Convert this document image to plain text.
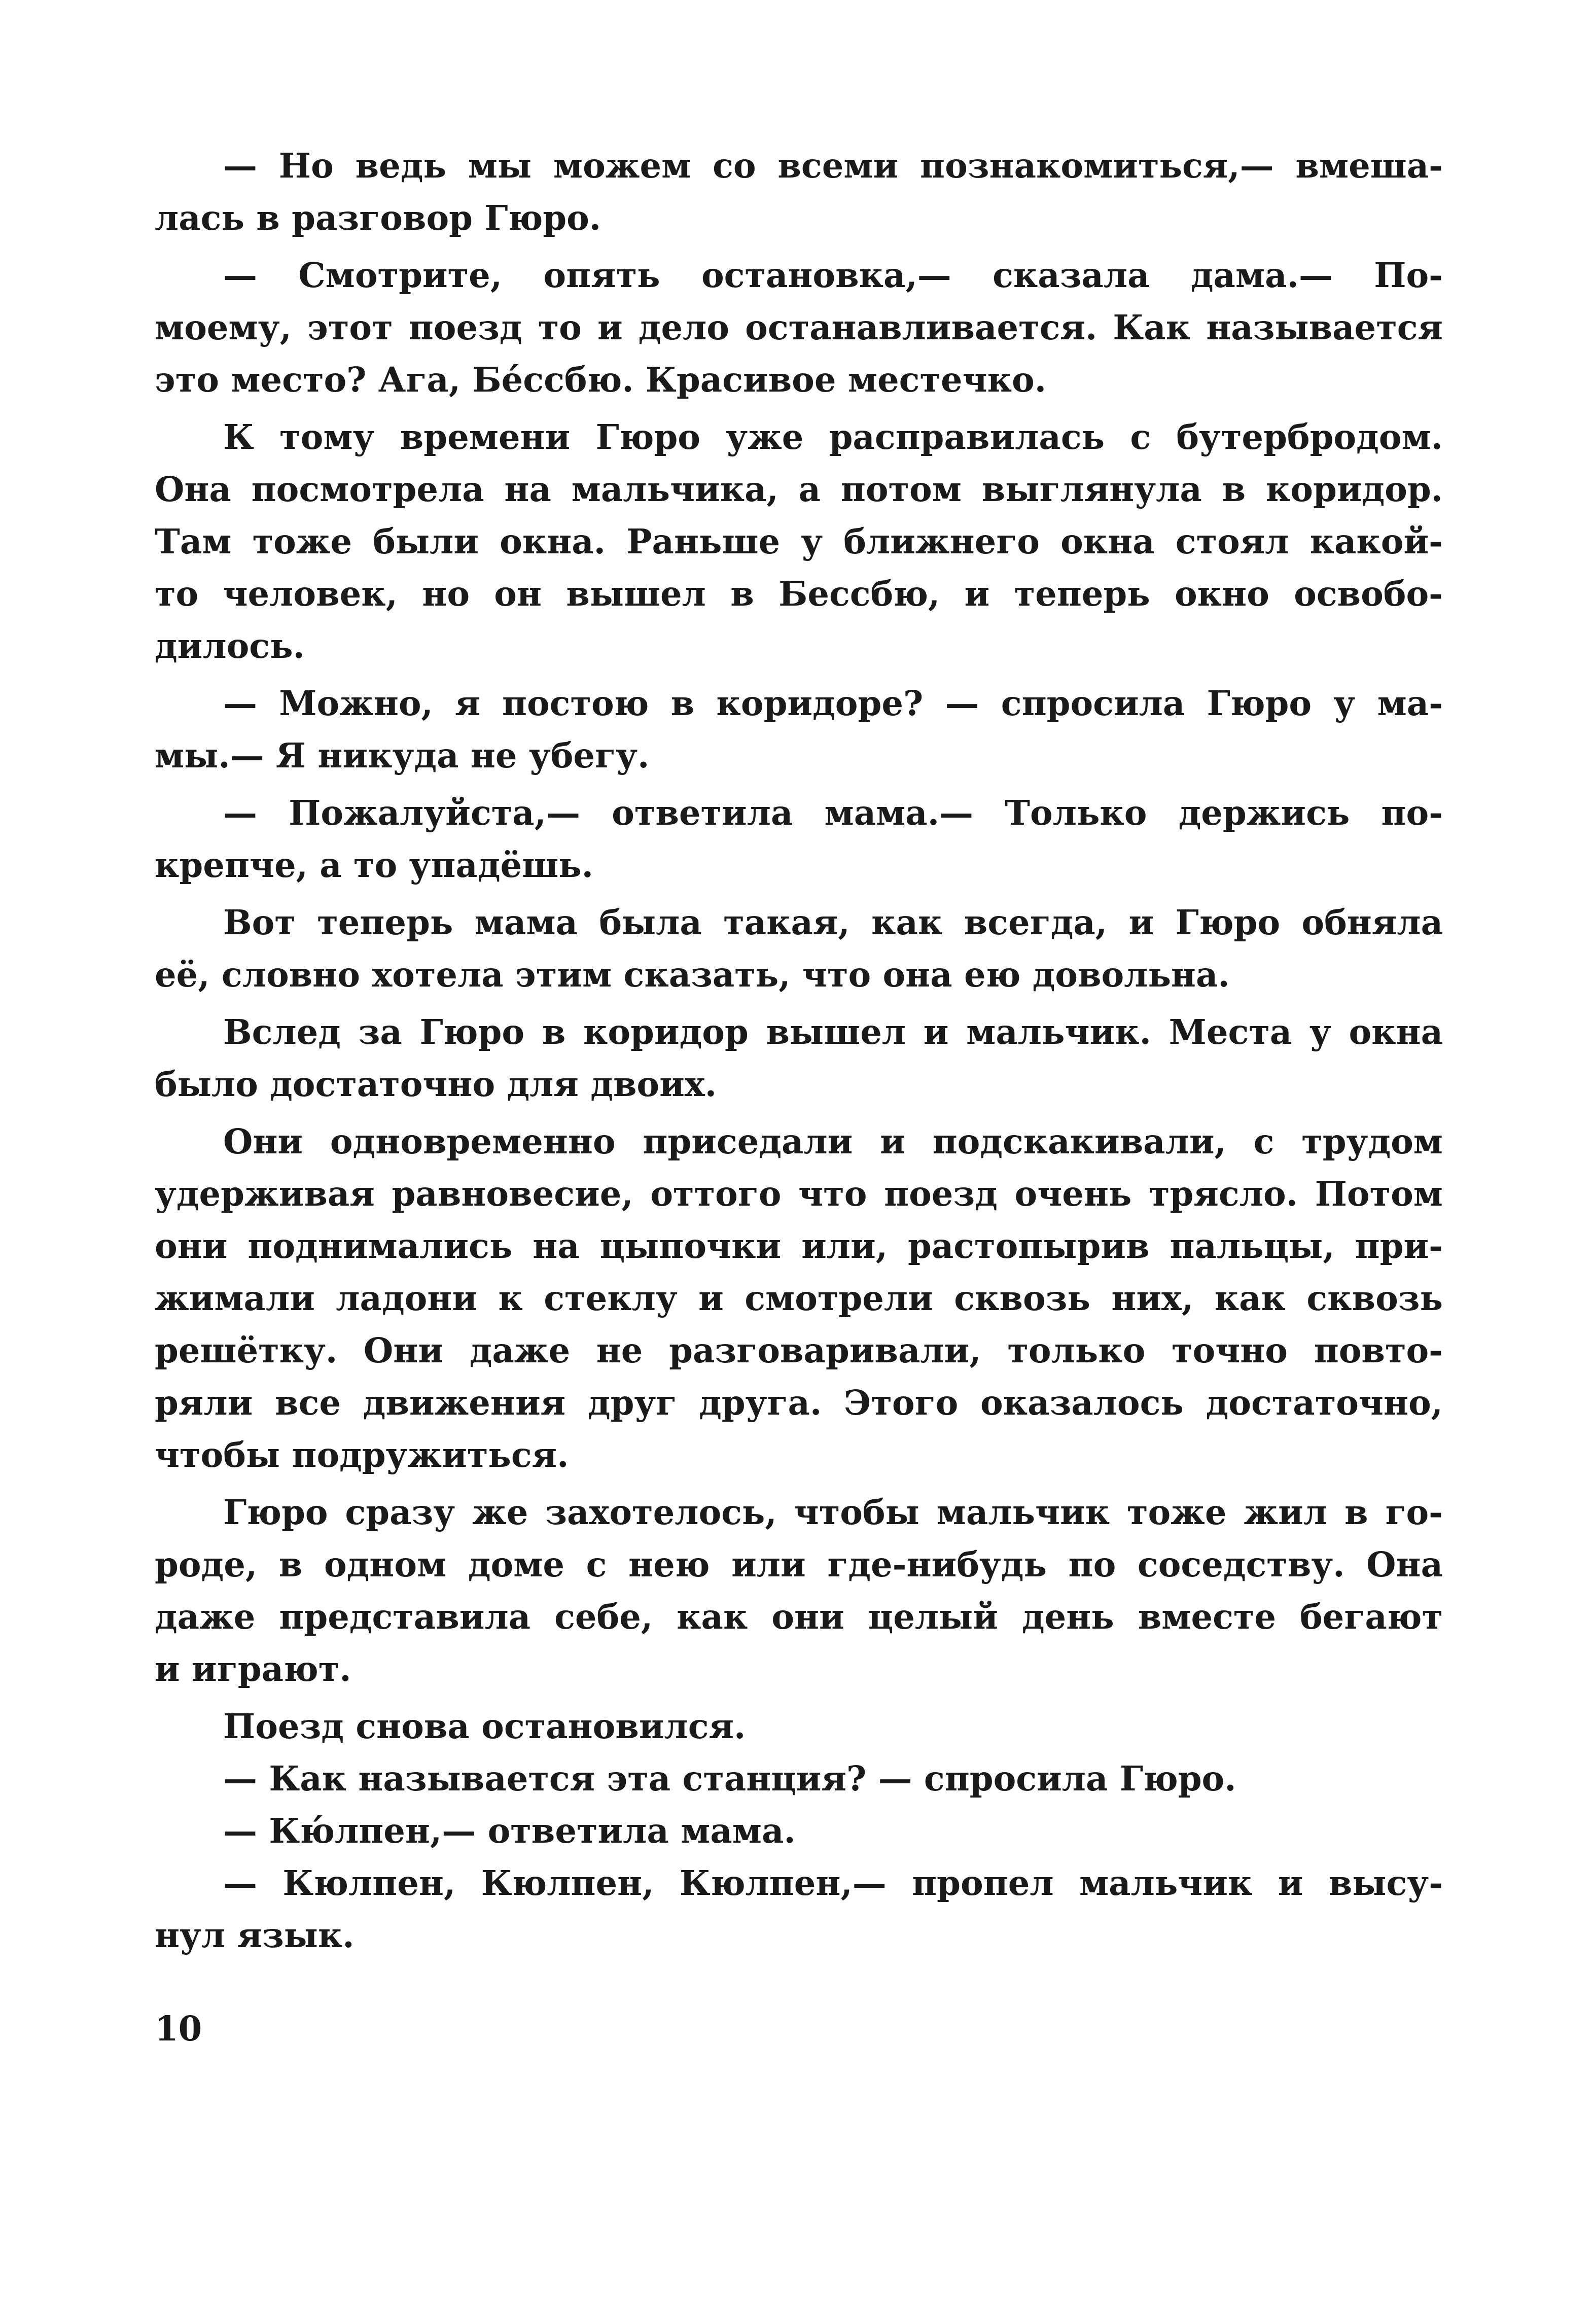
— Но ведь мы можем со всеми познакомиться,— вмеша-
лась в разговор Гюро.
— Смотрите, опять остановка,— сказала дама.— По-
моему, этот поезд то и дело останавливается. Как называется
это место? Ага, Бéссбю. Красивое местечко.
К тому времени Гюро уже расправилась с бутербродом.
Она посмотрела на мальчика, а потом выглянула в коридор.
Там тоже были окна. Раньше у ближнего окна стоял какой-
то человек, но он вышел в Бессбю, и теперь окно освобо-
дилось.
— Можно, я постою в коридоре? — спросила Гюро у ма-
мы.— Я никуда не убегу.
— Пожалуйста,— ответила мама.— Только держись по-
крепче, а то упадёшь.
Вот теперь мама была такая, как всегда, и Гюро обняла
её, словно хотела этим сказать, что она ею довольна.
Вслед за Гюро в коридор вышел и мальчик. Места у окна
было достаточно для двоих.
Они одновременно приседали и подскакивали, с трудом
удерживая равновесие, оттого что поезд очень трясло. Потом
они поднимались на цыпочки или, растопырив пальцы, при-
жимали ладони к стеклу и смотрели сквозь них, как сквозь
решётку. Они даже не разговаривали, только точно повто-
ряли все движения друг друга. Этого оказалось достаточно,
чтобы подружиться.
Гюро сразу же захотелось, чтобы мальчик тоже жил в го-
роде, в одном доме с нею или где-нибудь по соседству. Она
даже представила себе, как они целый день вместе бегают
и играют.
Поезд снова остановился.
— Как называется эта станция? — спросила Гюро.
— Кю́лпен,— ответила мама.
— Кюлпен, Кюлпен, Кюлпен,— пропел мальчик и высу-
нул язык.
10
